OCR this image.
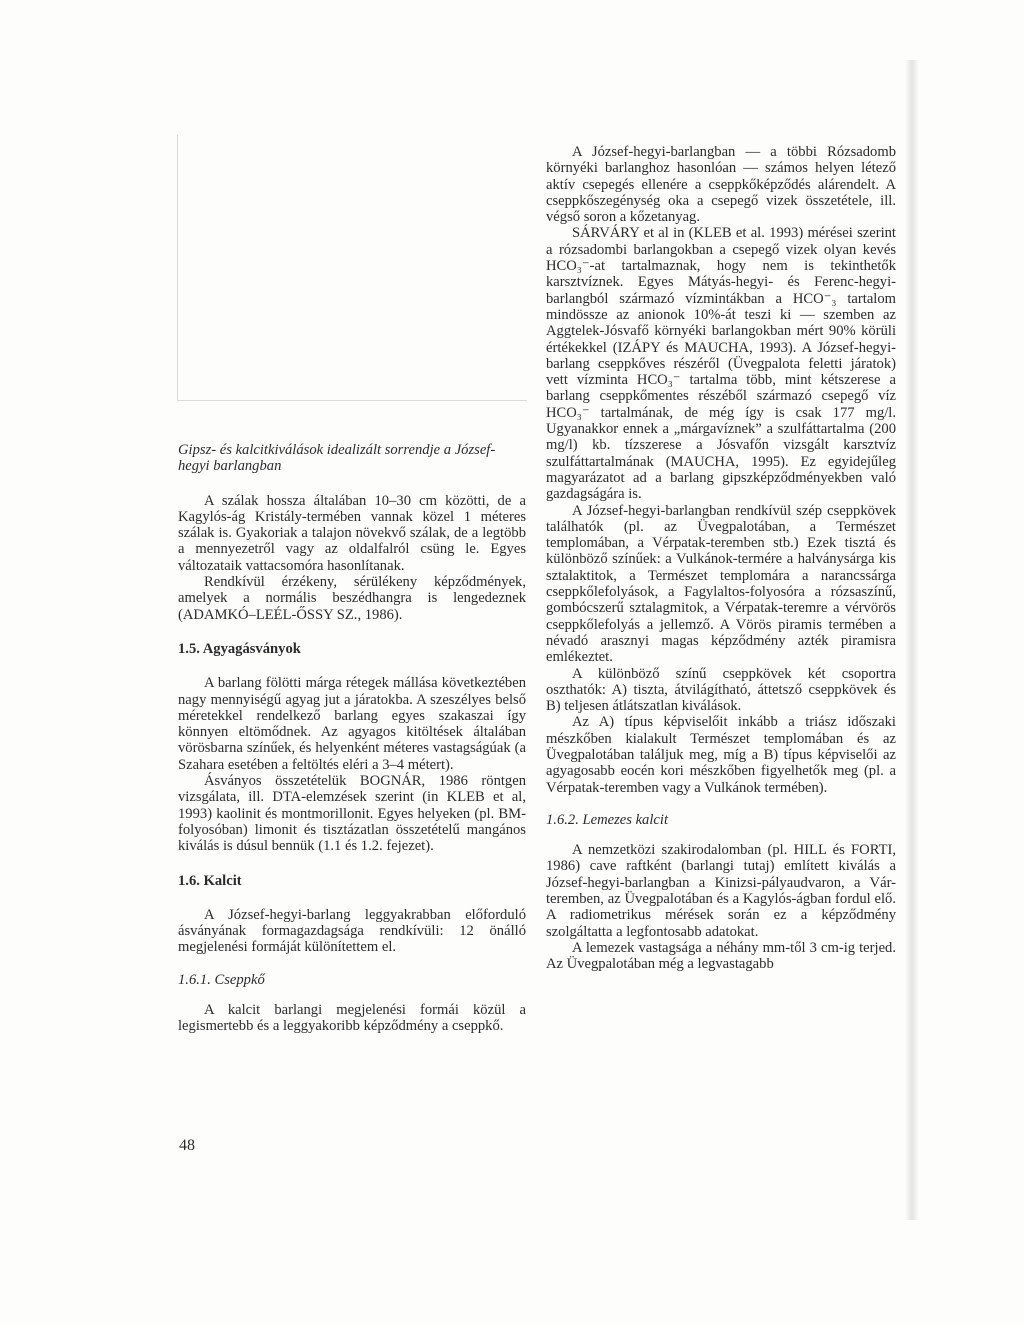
Gipsz- és kalcitkiválások idealizált sorrendje a József-hegyi barlangban

A szálak hossza általában 10–30 cm közötti, de a Kagylós-ág Kristály-termében vannak közel 1 méteres szálak is. Gyakoriak a talajon növekvő szálak, de a legtöbb a mennyezetről vagy az oldalfalról csüng le. Egyes változataik vattacsomóra hasonlítanak.

Rendkívül érzékeny, sérülékeny képződmények, amelyek a normális beszédhangra is lengedeznek (ADAMKÓ–LEÉL-ŐSSY SZ., 1986).

1.5. Agyagásványok

A barlang fölötti márga rétegek mállása következtében nagy mennyiségű agyag jut a járatokba. A szeszélyes belső méretekkel rendelkező barlang egyes szakaszai így könnyen eltömődnek. Az agyagos kitöltések általában vörösbarna színűek, és helyenként méteres vastagságúak (a Szahara esetében a feltöltés eléri a 3–4 métert).

Ásványos összetételük BOGNÁR, 1986 röntgen vizsgálata, ill. DTA-elemzések szerint (in KLEB et al, 1993) kaolinit és montmorillonit. Egyes helyeken (pl. BM-folyosóban) limonit és tisztázatlan összetételű mangános kiválás is dúsul bennük (1.1 és 1.2. fejezet).

1.6. Kalcit

A József-hegyi-barlang leggyakrabban előforduló ásványának formagazdagsága rendkívüli: 12 önálló megjelenési formáját különítettem el.

1.6.1. Cseppkő

A kalcit barlangi megjelenési formái közül a legismertebb és a leggyakoribb képződmény a cseppkő.

A József-hegyi-barlangban — a többi Rózsadomb környéki barlanghoz hasonlóan — számos helyen létező aktív csepegés ellenére a cseppkőképződés alárendelt. A cseppkőszegénység oka a csepegő vizek összetétele, ill. végső soron a kőzetanyag.

SÁRVÁRY et al in (KLEB et al. 1993) mérései szerint a rózsadombi barlangokban a csepegő vizek olyan kevés HCO₃⁻-at tartalmaznak, hogy nem is tekinthetők karsztvíznek. Egyes Mátyás-hegyi- és Ferenc-hegyi-barlangból származó vízmintákban a HCO⁻₃ tartalom mindössze az anionok 10%-át teszi ki — szemben az Aggtelek-Jósvafő környéki barlangokban mért 90% körüli értékekkel (IZÁPY és MAUCHA, 1993). A József-hegyi-barlang cseppkőves részéről (Üvegpalota feletti járatok) vett vízminta HCO₃⁻ tartalma több, mint kétszerese a barlang cseppkőmentes részéből származó csepegő víz HCO₃⁻ tartalmának, de még így is csak 177 mg/l. Ugyanakkor ennek a „márgavíznek” a szulfáttartalma (200 mg/l) kb. tízszerese a Jósvafőn vizsgált karsztvíz szulfáttartalmának (MAUCHA, 1995). Ez egyidejűleg magyarázatot ad a barlang gipszképződményekben való gazdagságára is.

A József-hegyi-barlangban rendkívül szép cseppkövek találhatók (pl. az Üvegpalotában, a Természet templomában, a Vérpatak-teremben stb.) Ezek tisztá és különböző színűek: a Vulkánok-termére a halványsárga kis sztalaktitok, a Természet templomára a narancssárga cseppkőlefolyások, a Fagylaltos-folyosóra a rózsaszínű, gombócszerű sztalagmitok, a Vérpatak-teremre a vérvörös cseppkőlefolyás a jellemző. A Vörös piramis termében a névadó arasznyi magas képződmény azték piramisra emlékeztet.

A különböző színű cseppkövek két csoportra oszthatók: A) tiszta, átvilágítható, áttetsző cseppkövek és B) teljesen átlátszatlan kiválások.

Az A) típus képviselőit inkább a triász időszaki mészkőben kialakult Természet templomában és az Üvegpalotában találjuk meg, míg a B) típus képviselői az agyagosabb eocén kori mészkőben figyelhetők meg (pl. a Vérpatak-teremben vagy a Vulkánok termében).

1.6.2. Lemezes kalcit

A nemzetközi szakirodalomban (pl. HILL és FORTI, 1986) cave raftként (barlangi tutaj) említett kiválás a József-hegyi-barlangban a Kinizsi-pályaudvaron, a Vár-teremben, az Üvegpalotában és a Kagylós-ágban fordul elő. A radiometrikus mérések során ez a képződmény szolgáltatta a legfontosabb adatokat.

A lemezek vastagsága a néhány mm-től 3 cm-ig terjed. Az Üvegpalotában még a legvastagabb

48
